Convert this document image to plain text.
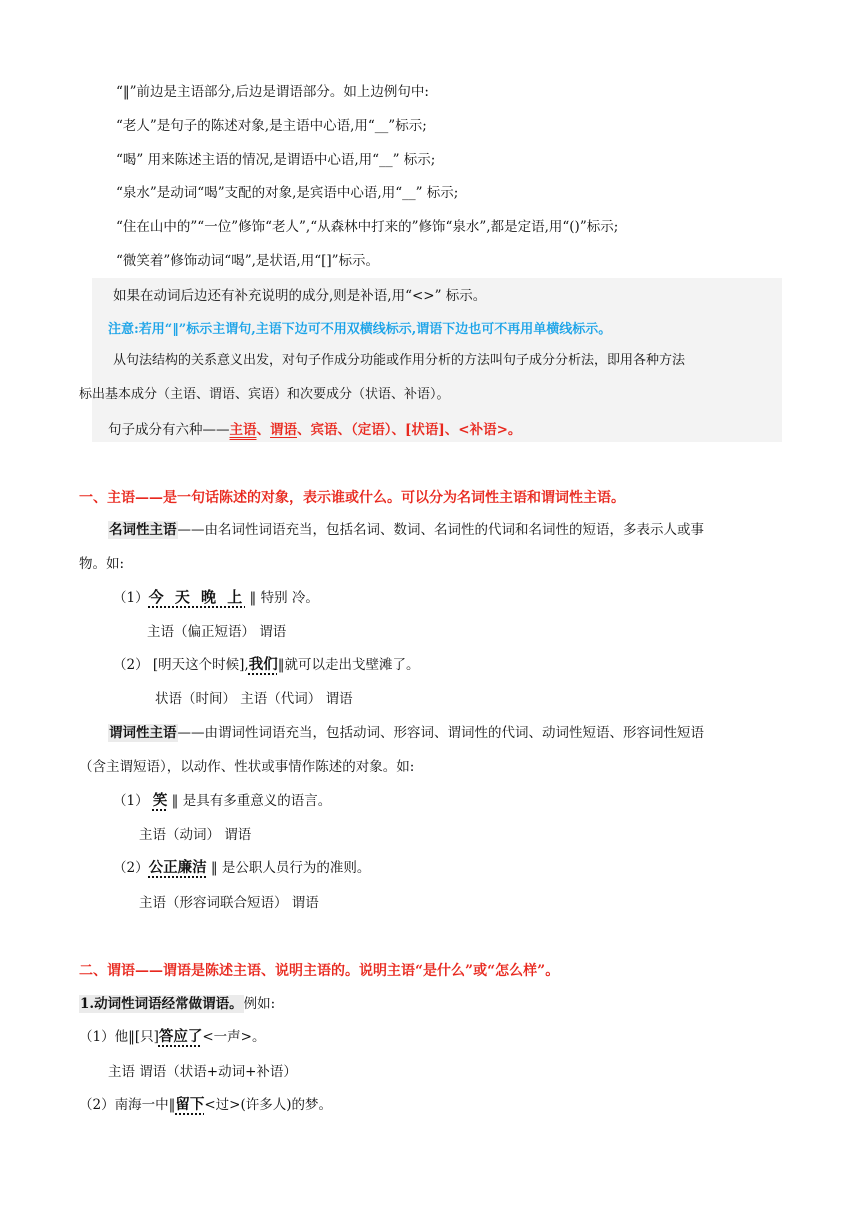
“‖”前边是主语部分,后边是谓语部分。如上边例句中:
“老人”是句子的陈述对象,是主语中心语,用“__”标示;
“喝” 用来陈述主语的情况,是谓语中心语,用“__” 标示;
“泉水”是动词“喝”支配的对象,是宾语中心语,用“__” 标示;
“住在山中的”“一位”修饰“老人”,“从森林中打来的”修饰“泉水”,都是定语,用“()”标示;
“微笑着”修饰动词“喝”,是状语,用“[]”标示。
如果在动词后边还有补充说明的成分,则是补语,用“<>” 标示。
注意:若用“‖”标示主谓句,主语下边可不用双横线标示,谓语下边也可不再用单横线标示。
从句法结构的关系意义出发，对句子作成分功能或作用分析的方法叫句子成分分析法，即用各种方法
标出基本成分（主语、谓语、宾语）和次要成分（状语、补语）。
句子成分有六种——主语、谓语、宾语、（定语）、[状语]、<补语>。
一、主语——是一句话陈述的对象，表示谁或什么。可以分为名词性主语和谓词性主语。
名词性主语——由名词性词语充当，包括名词、数词、名词性的代词和名词性的短语，多表示人或事
物。如:
（1）今 天 晚 上 ‖ 特别 冷。
主语（偏正短语） 谓语
（2） [明天这个时候],我们‖就可以走出戈壁滩了。
状语（时间） 主语（代词） 谓语
谓词性主语——由谓词性词语充当，包括动词、形容词、谓词性的代词、动词性短语、形容词性短语
（含主谓短语），以动作、性状或事情作陈述的对象。如:
（1） 笑 ‖ 是具有多重意义的语言。
主语（动词） 谓语
（2）公正廉洁 ‖ 是公职人员行为的准则。
主语（形容词联合短语） 谓语
二、谓语——谓语是陈述主语、说明主语的。说明主语“是什么”或“怎么样”。
1.动词性词语经常做谓语。例如:
（1）他‖[只]答应了<一声>。
主语 谓语（状语+动词+补语）
（2）南海一中‖留下<过>(许多人)的梦。
